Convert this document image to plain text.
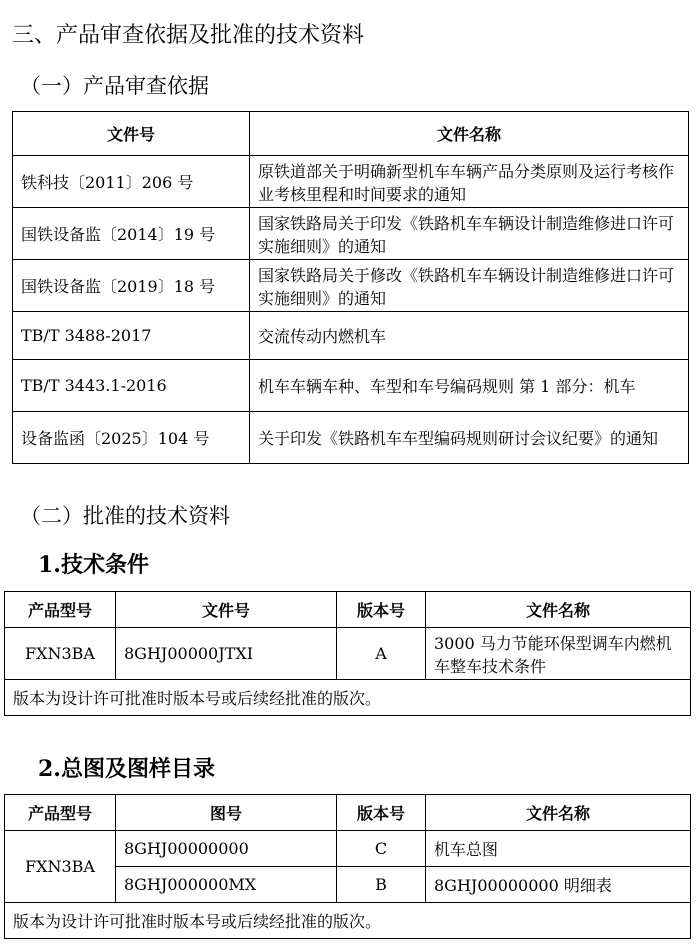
三、产品审查依据及批准的技术资料
（一）产品审查依据
文件号	文件名称
铁科技〔2011〕206 号	原铁道部关于明确新型机车车辆产品分类原则及运行考核作业考核里程和时间要求的通知
国铁设备监〔2014〕19 号	国家铁路局关于印发《铁路机车车辆设计制造维修进口许可实施细则》的通知
国铁设备监〔2019〕18 号	国家铁路局关于修改《铁路机车车辆设计制造维修进口许可实施细则》的通知
TB/T 3488-2017	交流传动内燃机车
TB/T 3443.1-2016	机车车辆车种、车型和车号编码规则 第 1 部分：机车
设备监函〔2025〕104 号	关于印发《铁路机车车型编码规则研讨会议纪要》的通知
（二）批准的技术资料
1.技术条件
产品型号	文件号	版本号	文件名称
FXN3BA	8GHJ00000JTXI	A	3000 马力节能环保型调车内燃机车整车技术条件
版本为设计许可批准时版本号或后续经批准的版次。			
2.总图及图样目录
产品型号	图号	版本号	文件名称
FXN3BA	8GHJ00000000	C	机车总图
	8GHJ000000MX	B	8GHJ00000000 明细表
版本为设计许可批准时版本号或后续经批准的版次。			
